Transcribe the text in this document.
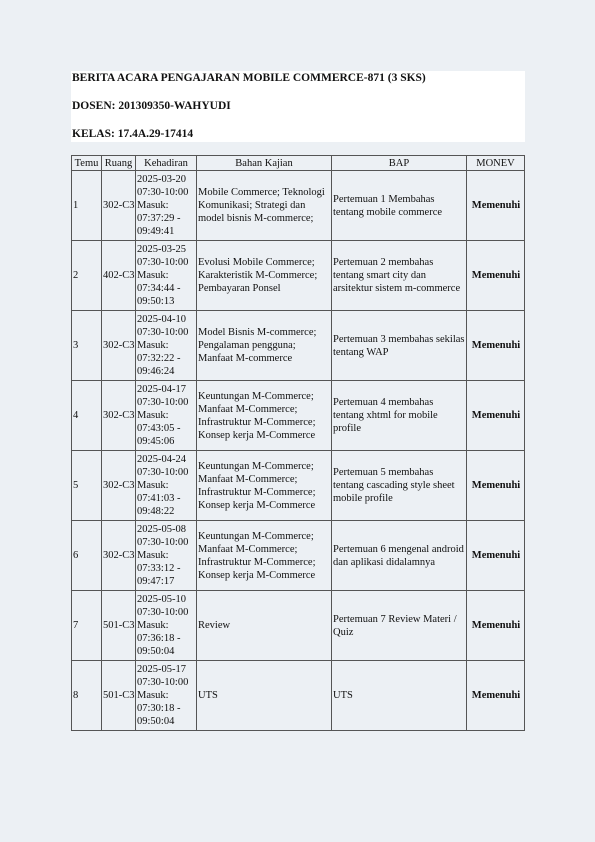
BERITA ACARA PENGAJARAN MOBILE COMMERCE-871 (3 SKS)
DOSEN: 201309350-WAHYUDI
KELAS: 17.4A.29-17414
Temu	Ruang	Kehadiran	Bahan Kajian	BAP	MONEV
1	302-C3	2025-03-20
07:30-10:00
Masuk: 07:37:29 - 09:49:41	Mobile Commerce; Teknologi Komunikasi; Strategi dan model bisnis M-commerce;	Pertemuan 1 Membahas tentang mobile commerce	Memenuhi
2	402-C3	2025-03-25
07:30-10:00
Masuk: 07:34:44 - 09:50:13	Evolusi Mobile Commerce; Karakteristik M-Commerce; Pembayaran Ponsel	Pertemuan 2 membahas tentang smart city dan arsitektur sistem m-commerce	Memenuhi
3	302-C3	2025-04-10
07:30-10:00
Masuk: 07:32:22 - 09:46:24	Model Bisnis M-commerce; Pengalaman pengguna; Manfaat M-commerce	Pertemuan 3 membahas sekilas tentang WAP	Memenuhi
4	302-C3	2025-04-17
07:30-10:00
Masuk: 07:43:05 - 09:45:06	Keuntungan M-Commerce; Manfaat M-Commerce; Infrastruktur M-Commerce; Konsep kerja M-Commerce	Pertemuan 4 membahas tentang xhtml for mobile profile	Memenuhi
5	302-C3	2025-04-24
07:30-10:00
Masuk: 07:41:03 - 09:48:22	Keuntungan M-Commerce; Manfaat M-Commerce; Infrastruktur M-Commerce; Konsep kerja M-Commerce	Pertemuan 5 membahas tentang cascading style sheet mobile profile	Memenuhi
6	302-C3	2025-05-08
07:30-10:00
Masuk: 07:33:12 - 09:47:17	Keuntungan M-Commerce; Manfaat M-Commerce; Infrastruktur M-Commerce; Konsep kerja M-Commerce	Pertemuan 6 mengenal android dan aplikasi didalamnya	Memenuhi
7	501-C3	2025-05-10
07:30-10:00
Masuk: 07:36:18 - 09:50:04	Review	Pertemuan 7 Review Materi / Quiz	Memenuhi
8	501-C3	2025-05-17
07:30-10:00
Masuk: 07:30:18 - 09:50:04	UTS	UTS	Memenuhi
